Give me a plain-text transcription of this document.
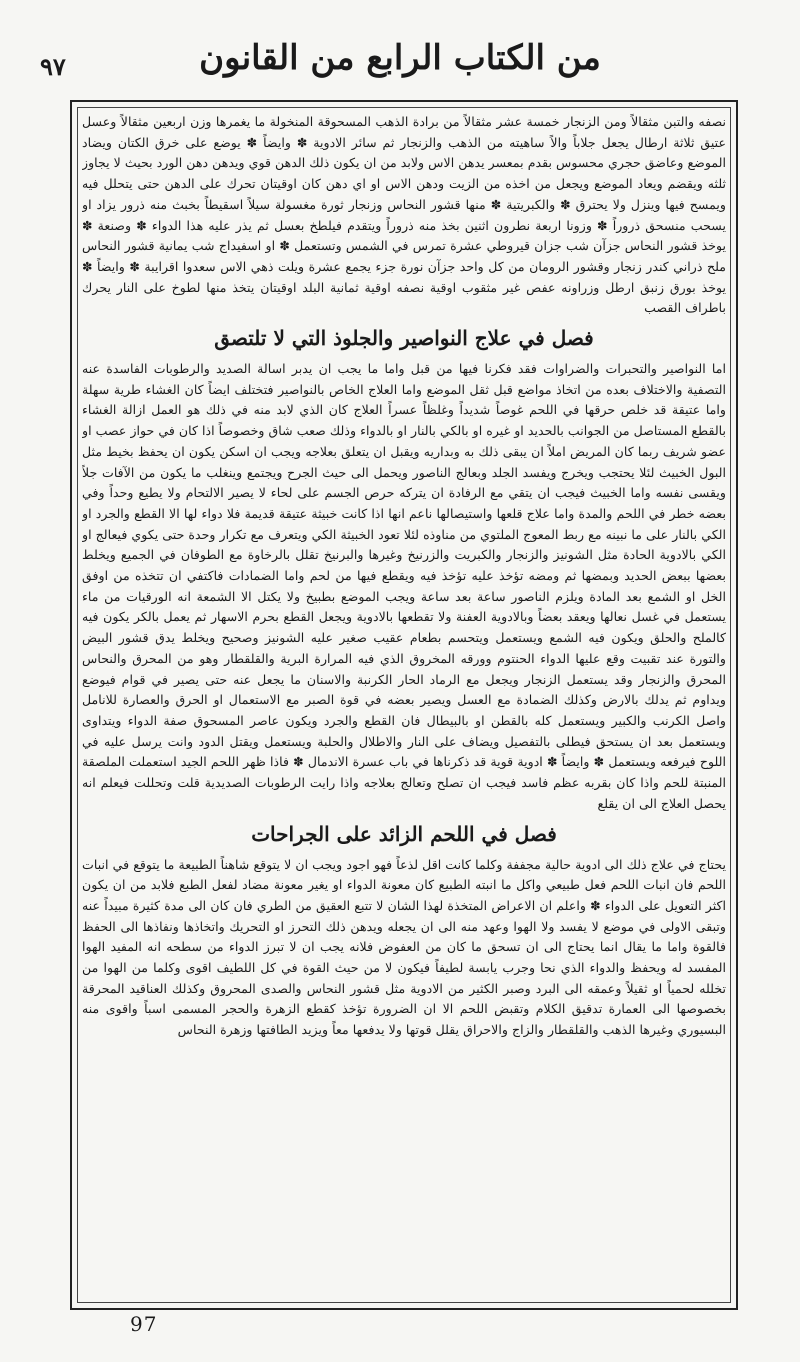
٩٧	من الكتاب الرابع من القانون

نصفه والتبن مثقالاً ومن الزنجار خمسة عشر مثقالاً من برادة الذهب المسحوقة المنخولة ما يغمرها وزن اربعين مثقالاً وعسل عتيق ثلاثة ارطال يجعل جلاباً والاً ساهيته من الذهب والزنجار ثم سائر الادوية ✽ وايضاً ✽ يوضع على خرق الكتان ويضاد الموضع وعاضق حجري محسوس بقدم بمعسر يدهن الاس ولابد من ان يكون ذلك الدهن قوي ويدهن دهن الورد بحيث لا يجاوز ثلثه ويقضم ويعاد الموضع ويجعل من اخذه من الزيت ودهن الاس او اي دهن كان اوقيتان تحرك على الدهن حتى يتحلل فيه ويمسح فيها وينزل ولا يحترق ✽ والكبريتية ✽ منها قشور النحاس وزنجار ثورة مغسولة سيلاً اسقيطاً بخبث منه ذرور يزاد او يسحب منسحق ذروراً ✽ وزونا اربعة نطرون اثنين بخذ منه ذروراً ويتقدم فيلطخ بعسل ثم يذر عليه هذا الدواء ✽ وصنعة ✽ يوخذ قشور النحاس جزآن شب جزان قيروطي عشرة تمرس في الشمس وتستعمل ✽ او اسفيداج شب يمانية قشور النحاس ملح ذراني كندر زنجار وقشور الرومان من كل واحد جزآن نورة جزء يجمع عشرة ويلت ذهي الاس سعدوا اقرايبة ✽ وايضاً ✽ يوخذ بورق زنبق ارطل وزراونه عفص غير مثقوب اوقية نصفه اوقية ثمانية البلد اوقيتان يتخذ منها لطوخ على النار يحرك باطراف القصب

فصل في علاج النواصير والجلوذ التي لا تلتصق

اما النواصير والتحبرات والضراوات فقد فكرنا فيها من قبل واما ما يجب ان يدبر اسالة الصديد والرطوبات الفاسدة عنه التصفية والاختلاف بعده من اتخاذ مواضع قبل ثقل الموضع واما العلاج الخاص بالنواصير فتختلف ايضاً كان الغشاء طرية سهلة واما عتيقة قد خلص حرقها في اللحم غوصاً شديداً وغلظاً عسراً العلاج كان الذي لابد منه في ذلك هو العمل ازالة الغشاء بالقطع المستاصل من الجوانب بالحديد او غيره او بالكي بالنار او بالدواء وذلك صعب شاق وخصوصاً اذا كان في حواز عصب او عضو شريف ربما كان المريض املاً ان يبقى ذلك به وبداريه ويقبل ان يتعلق بعلاجه ويجب ان اسكن يكون ان يحفظ بخيط مثل البول الخبيث لئلا يحتجب ويخرج ويفسد الجلد وبعالج الناصور ويحمل الى حيث الجرح ويجتمع وينغلب ما يكون من الآفات جلاً ويقسى نفسه واما الخبيث فيجب ان يتقي مع الرفادة ان يتركه حرص الجسم على لحاء لا يصير الالتحام ولا يطيع وحداً وفي بعضه خطر في اللحم والمدة واما علاج قلعها واستيصالها ناعم انها اذا كانت خبيثة عتيقة قديمة فلا دواء لها الا القطع والجرد او الكي بالنار على ما نبينه مع ربط المعوج الملتوي من مناوذه لئلا تعود الخبيثة الكي ويتعرف مع تكرار وحدة حتى يكوي فيعالج او الكي بالادوية الحادة مثل الشونيز والزنجار والكبريت والزرنيخ وغيرها والبرنيخ تقلل بالرخاوة مع الطوفان في الجميع ويخلط بعضها ببعض الحديد وبمضها ثم ومضه تؤخذ عليه تؤخذ فيه ويقطع فيها من لحم واما الضمادات فاكتفي ان تتخذه من اوفق الخل او الشمع بعد المادة ويلزم الناصور ساعة بعد ساعة ويجب الموضع بطبيخ ولا يكتل الا الشمعة انه الورقيات من ماء يستعمل في غسل نعالها ويعقد بعضاً وبالادوية العفنة ولا تقطعها بالادوية ويجعل القطع بحرم الاسهار ثم يعمل بالكر يكون فيه كالملح والحلق ويكون فيه الشمع ويستعمل ويتحسم بطعام عقيب صغير عليه الشونيز وصحيح ويخلط يدق قشور البيض والتورة عند تقبيت وقع عليها الدواء الحنتوم وورقه المخروق الذي فيه المرارة البرية والقلقطار وهو من المحرق والنحاس المحرق والزنجار وقد يستعمل الزنجار ويجعل مع الرماد الحار الكرنبة والاسنان ما يجعل عنه حتى يصير في قوام فيوضع ويداوم ثم يدلك بالارض وكذلك الضمادة مع العسل ويصير بعضه في قوة الصبر مع الاستعمال او الحرق والعصارة للانامل واصل الكرنب والكبير ويستعمل كله بالقطن او بالبيطال فان القطع والجرد ويكون عاصر المسحوق صفة الدواء ويتداوى ويستعمل بعد ان يستحق فيطلى بالتفصيل ويضاف على النار والاطلال والحلبة ويستعمل ويقتل الدود وانت يرسل عليه في اللوح فيرفعه ويستعمل ✽ وايضاً ✽ ادوية قوية قد ذكرناها في باب عسرة الاندمال ✽ فاذا ظهر اللحم الجيد استعملت الملصقة المنبتة للحم واذا كان بقربه عظم فاسد فيجب ان تصلح وتعالج بعلاجه واذا رايت الرطوبات الصديدية قلت وتحللت فيعلم انه يحصل العلاج الى ان يقلع

فصل في اللحم الزائد على الجراحات

يحتاج في علاج ذلك الى ادوية حالية مجففة وكلما كانت اقل لذعاً فهو اجود ويجب ان لا يتوقع شاهناً الطبيعة ما يتوقع في انبات اللحم فان انبات اللحم فعل طبيعي واكل ما انبته الطبيع كان معونة الدواء او يغير معونة مضاد لفعل الطبع فلابد من ان يكون اكثر التعويل على الدواء ✽ واعلم ان الاعراض المتخذة لهذا الشان لا تتبع العقيق من الطري فان كان الى مدة كثيرة مبيداً عنه وتبقى الاولى في موضع لا يفسد ولا الهوا وعهد منه الى ان يجعله ويدهن ذلك التحرز او التحريك واتخاذها ونفاذها الى الحفظ فالقوة واما ما يقال انما يحتاج الى ان تسحق ما كان من العفوض فلانه يجب ان لا تبرز الدواء من سطحه انه المفيد الهوا المفسد له ويحفظ والدواء الذي نحا وجرب يابسة لطيفاً فيكون لا من حيث القوة في كل اللطيف اقوى وكلما من الهوا من تخلله لحمياً او ثقيلاً وعمقه الى البرد وصبر الكثير من الادوية مثل قشور النحاس والصدى المحروق وكذلك العناقيد المحرقة بخصوصها الى العمارة تدقيق الكلام وتقبض اللحم الا ان الضرورة تؤخذ كقطع الزهرة والحجر المسمى اسباً واقوى منه البسيوري وغيرها الذهب والقلقطار والزاج والاحراق يقلل قوتها ولا يدفعها معاً ويزيد الطافتها وزهرة النحاس

97
